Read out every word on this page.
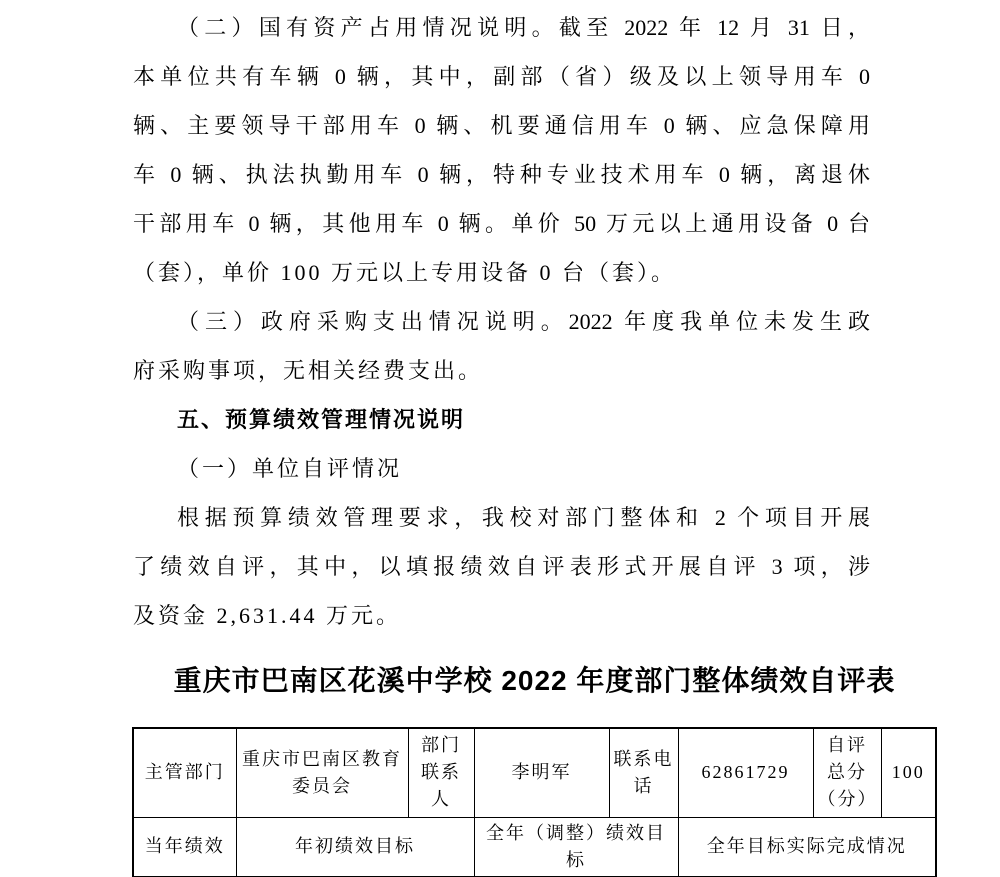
（二）国有资产占用情况说明。截至 2022 年 12 月 31 日，
本单位共有车辆 0 辆，其中，副部（省）级及以上领导用车 0
辆、主要领导干部用车 0 辆、机要通信用车 0 辆、应急保障用
车 0 辆、执法执勤用车 0 辆，特种专业技术用车 0 辆，离退休
干部用车 0 辆，其他用车 0 辆。单价 50 万元以上通用设备 0 台
（套），单价 100 万元以上专用设备 0 台（套）。
（三）政府采购支出情况说明。2022 年度我单位未发生政
府采购事项，无相关经费支出。
五、预算绩效管理情况说明
（一）单位自评情况
根据预算绩效管理要求，我校对部门整体和 2 个项目开展
了绩效自评，其中，以填报绩效自评表形式开展自评 3 项，涉
及资金 2,631.44 万元。
重庆市巴南区花溪中学校 2022 年度部门整体绩效自评表
主管部门	重庆市巴南区教育委员会	部门联系人	李明军	联系电话	62861729	自评总分（分）	100
当年绩效	年初绩效目标		全年（调整）绩效目标		全年目标实际完成情况		
